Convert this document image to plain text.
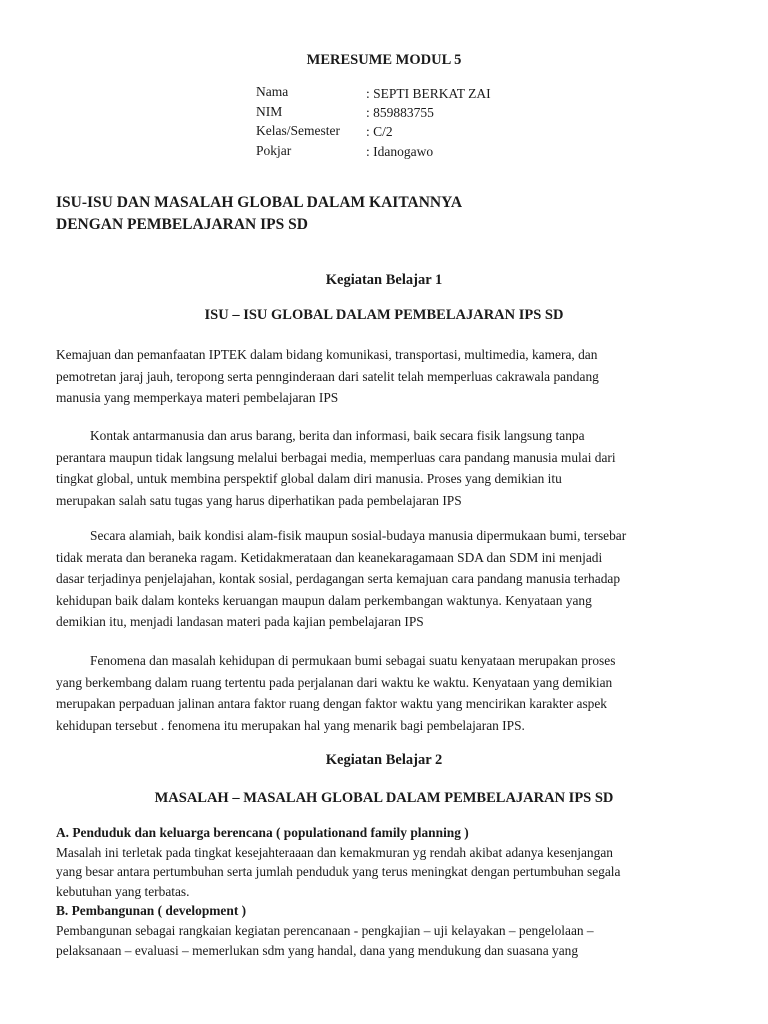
MERESUME MODUL 5
Nama	: SEPTI BERKAT ZAI
NIM	: 859883755
Kelas/Semester : C/2
Pokjar	: Idanogawo
ISU-ISU DAN MASALAH GLOBAL DALAM KAITANNYA
DENGAN PEMBELAJARAN IPS SD
Kegiatan Belajar 1
ISU – ISU GLOBAL DALAM PEMBELAJARAN IPS SD
Kemajuan dan pemanfaatan IPTEK dalam bidang komunikasi, transportasi, multimedia, kamera, dan
pemotretan jaraj jauh, teropong serta pennginderaan dari satelit telah memperluas cakrawala pandang
manusia yang memperkaya materi pembelajaran IPS
Kontak antarmanusia dan arus barang, berita dan informasi, baik secara fisik langsung tanpa
perantara maupun tidak langsung melalui berbagai media, memperluas cara pandang manusia mulai dari
tingkat global, untuk membina perspektif global dalam diri manusia. Proses yang demikian itu
merupakan salah satu tugas yang harus diperhatikan pada pembelajaran IPS
Secara alamiah, baik kondisi alam-fisik maupun sosial-budaya manusia dipermukaan bumi, tersebar
tidak merata dan beraneka ragam. Ketidakmerataan dan keanekaragamaan SDA dan SDM ini menjadi
dasar terjadinya penjelajahan, kontak sosial, perdagangan serta kemajuan cara pandang manusia terhadap
kehidupan baik dalam konteks keruangan maupun dalam perkembangan waktunya. Kenyataan yang
demikian itu, menjadi landasan materi pada kajian pembelajaran IPS
Fenomena dan masalah kehidupan di permukaan bumi sebagai suatu kenyataan merupakan proses
yang berkembang dalam ruang tertentu pada perjalanan dari waktu ke waktu. Kenyataan yang demikian
merupakan perpaduan jalinan antara faktor ruang dengan faktor waktu yang mencirikan karakter aspek
kehidupan tersebut . fenomena itu merupakan hal yang menarik bagi pembelajaran IPS.
Kegiatan Belajar 2
MASALAH – MASALAH GLOBAL DALAM PEMBELAJARAN IPS SD
A. Penduduk dan keluarga berencana ( populationand family planning )
Masalah ini terletak pada tingkat kesejahteraaan dan kemakmuran yg rendah akibat adanya kesenjangan
yang besar antara pertumbuhan serta jumlah penduduk yang terus meningkat dengan pertumbuhan segala
kebutuhan yang terbatas.
B. Pembangunan ( development )
Pembangunan sebagai rangkaian kegiatan perencanaan - pengkajian – uji kelayakan – pengelolaan –
pelaksanaan – evaluasi – memerlukan sdm yang handal, dana yang mendukung dan suasana yang
